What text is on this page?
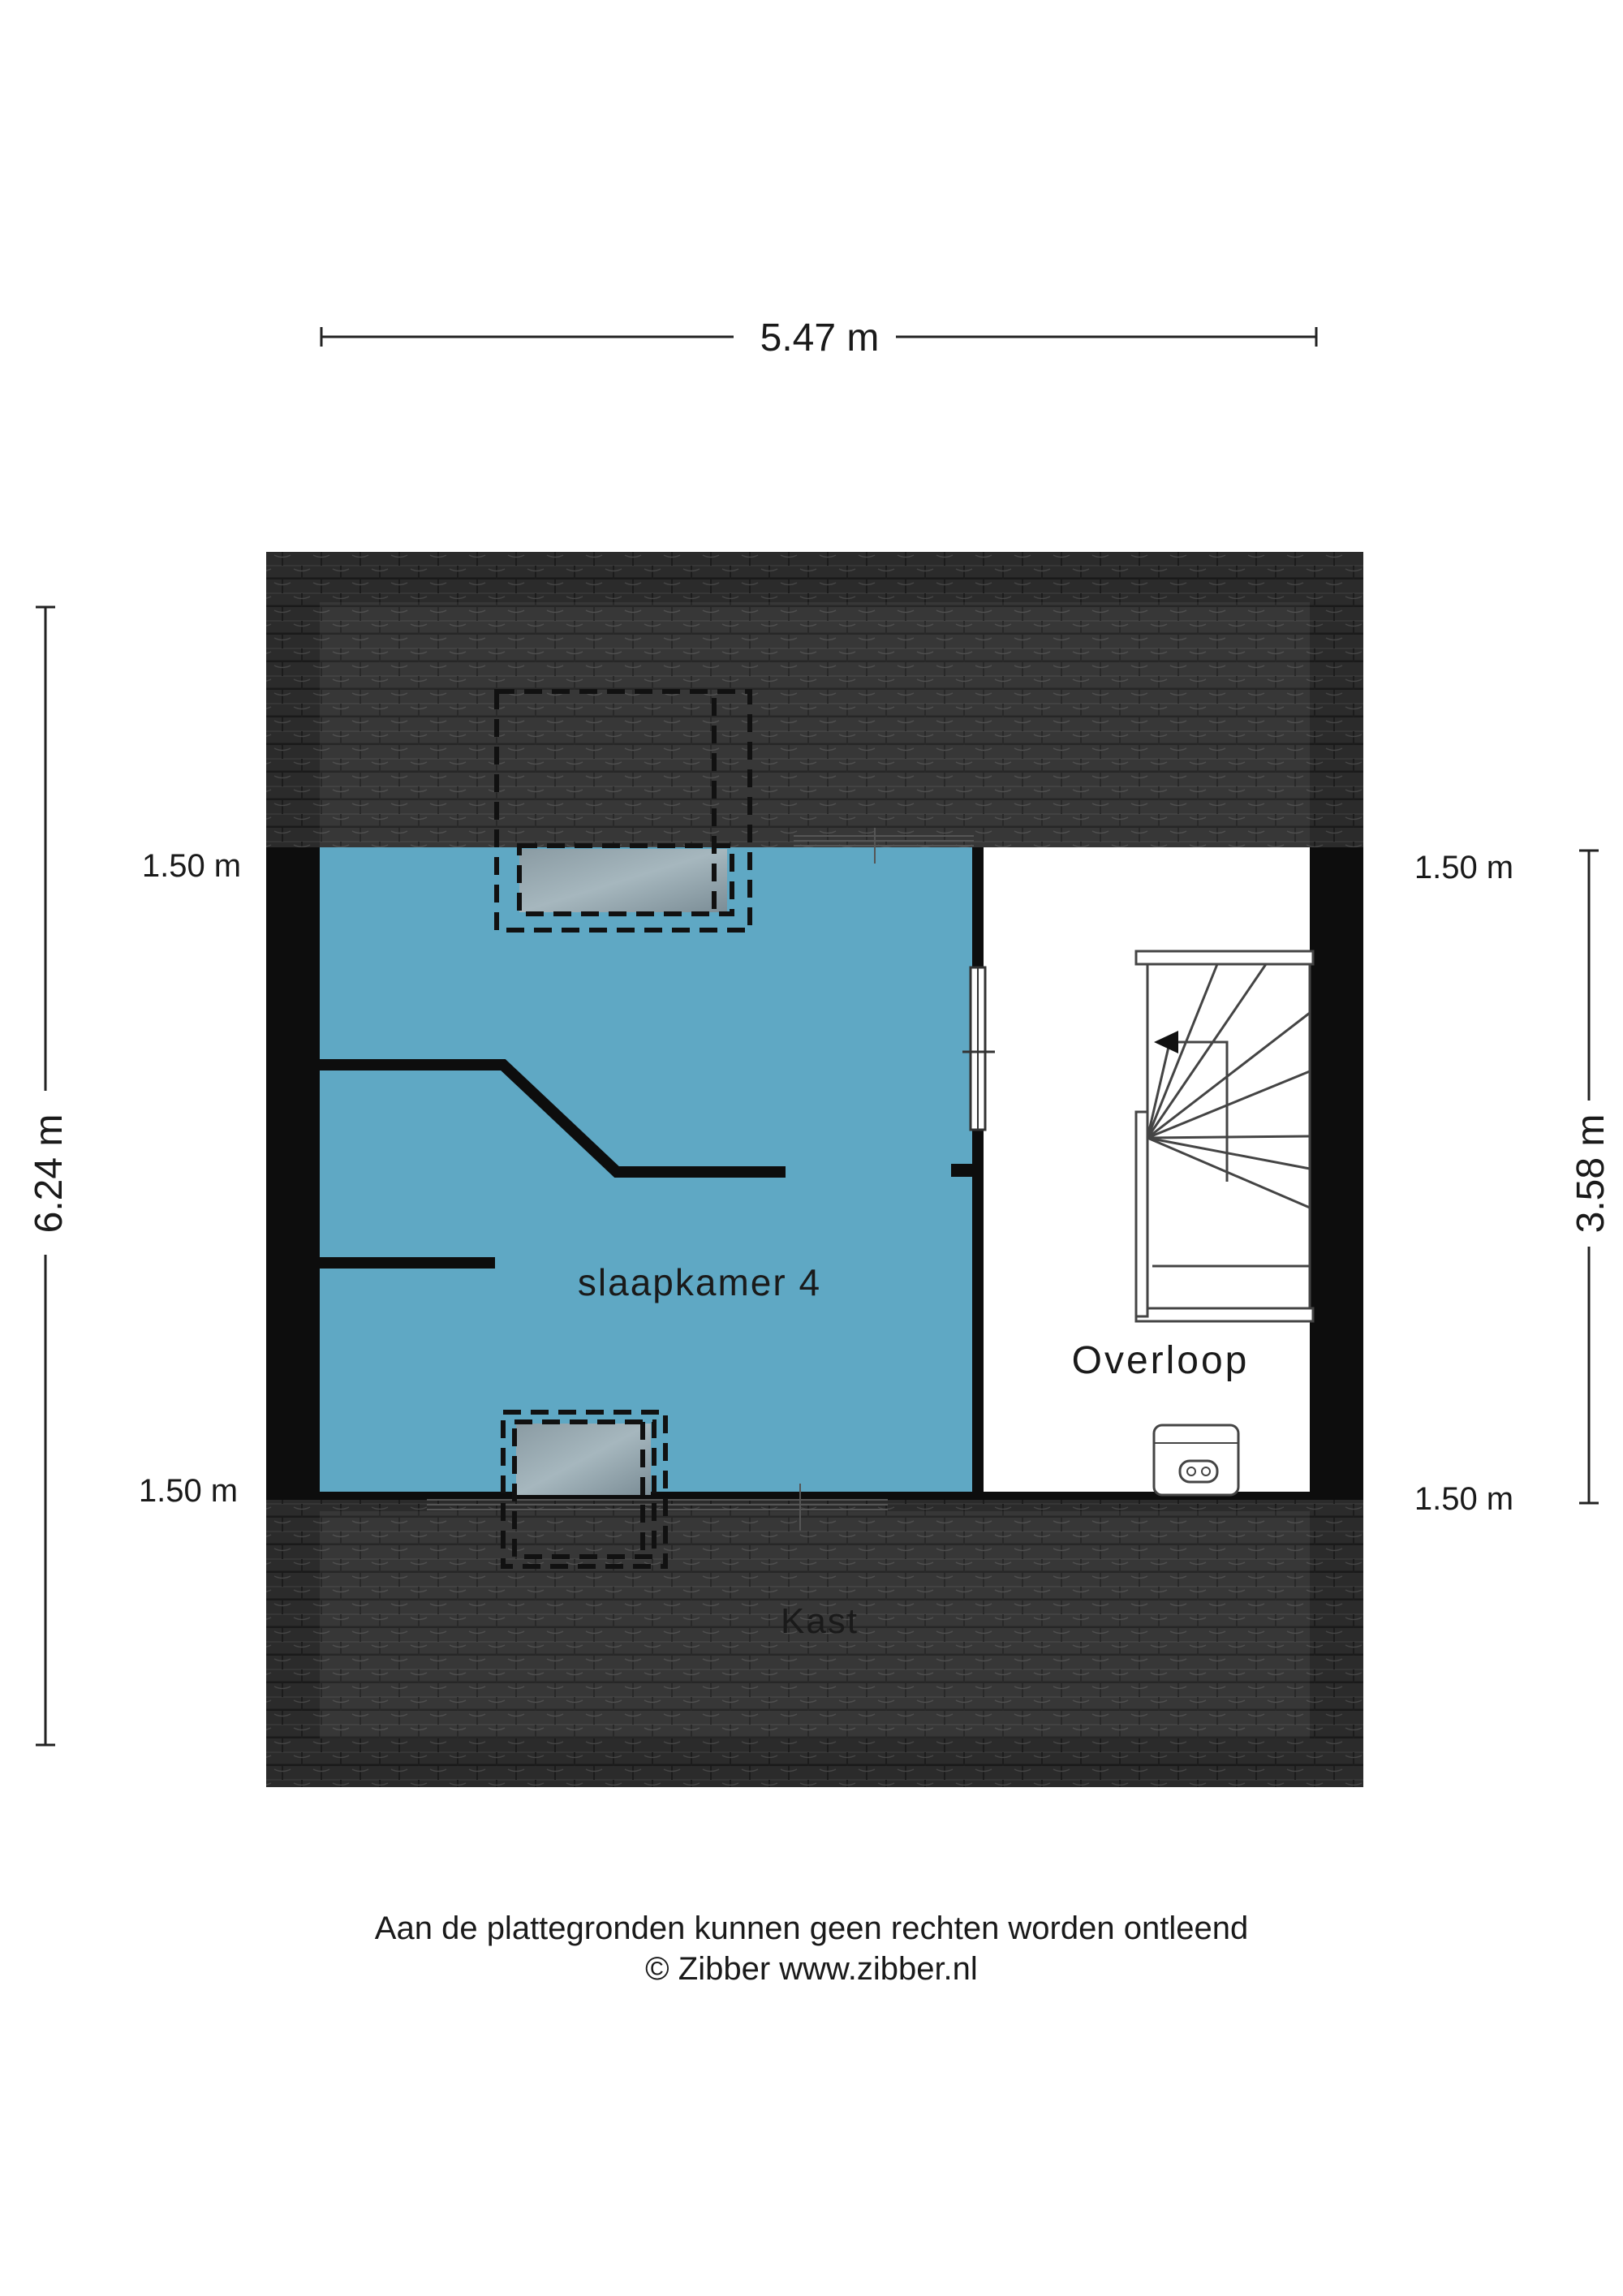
slaapkamer 4
Overloop
Kast
5.47 m
6.24 m	3.58 m
1.50 m
1.50 m
1.50 m
1.50 m
Aan de plattegronden kunnen geen rechten worden ontleend
© Zibber www.zibber.nl
